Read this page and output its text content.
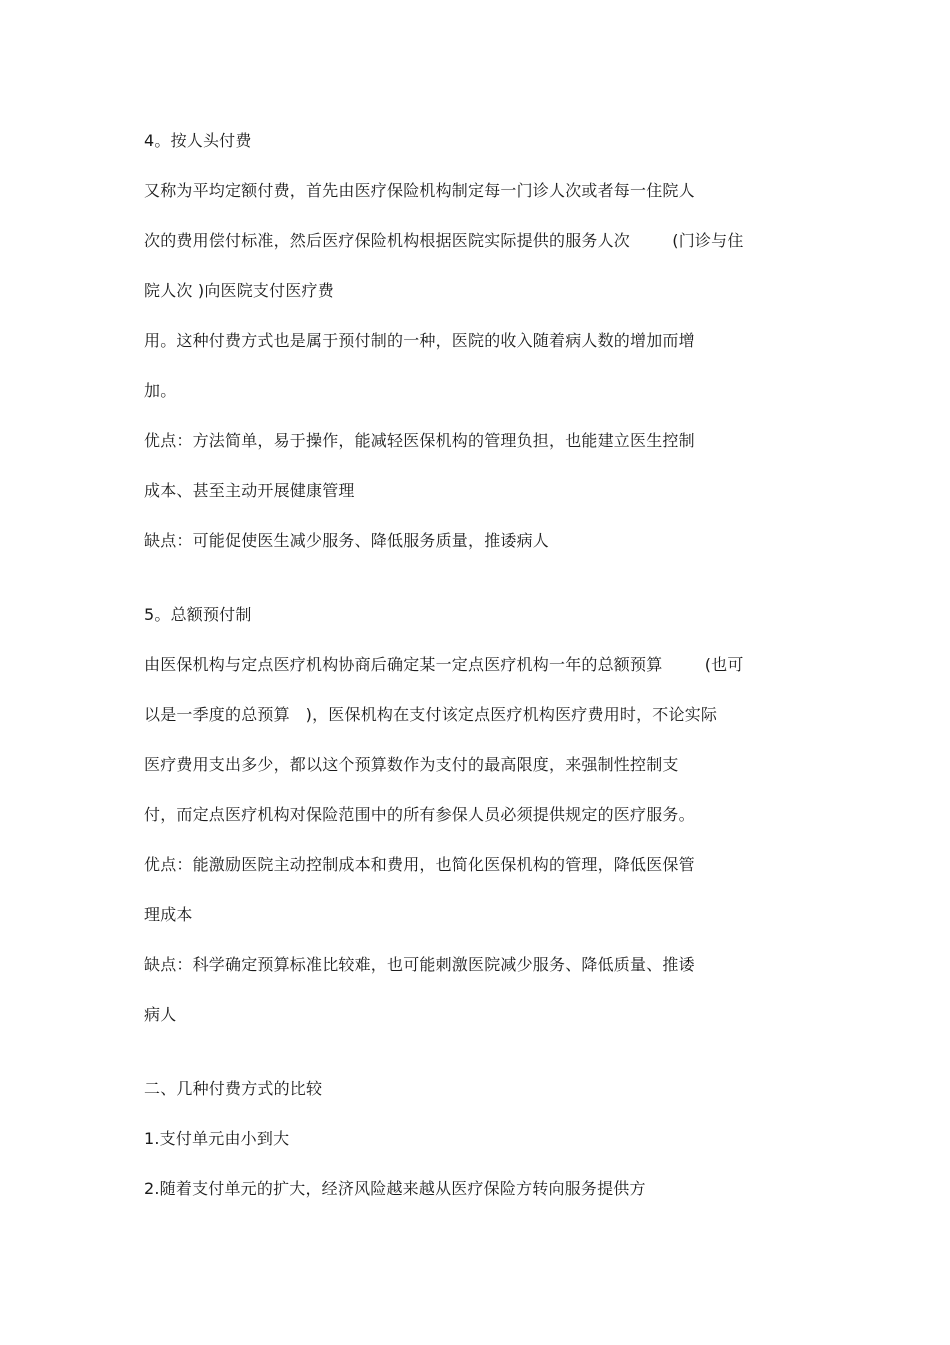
4。按人头付费
又称为平均定额付费，首先由医疗保险机构制定每一门诊人次或者每一住院人
次的费用偿付标准，然后医疗保险机构根据医院实际提供的服务人次        (门诊与住
院人次 )向医院支付医疗费
用。这种付费方式也是属于预付制的一种，医院的收入随着病人数的增加而增
加。
优点：方法简单，易于操作，能减轻医保机构的管理负担，也能建立医生控制
成本、甚至主动开展健康管理
缺点：可能促使医生减少服务、降低服务质量，推诿病人
5。总额预付制
由医保机构与定点医疗机构协商后确定某一定点医疗机构一年的总额预算        (也可
以是一季度的总预算   )，医保机构在支付该定点医疗机构医疗费用时，不论实际
医疗费用支出多少，都以这个预算数作为支付的最高限度，来强制性控制支
付，而定点医疗机构对保险范围中的所有参保人员必须提供规定的医疗服务。
优点：能激励医院主动控制成本和费用，也简化医保机构的管理，降低医保管
理成本
缺点：科学确定预算标准比较难，也可能刺激医院减少服务、降低质量、推诿
病人
二、几种付费方式的比较
1.支付单元由小到大
2.随着支付单元的扩大，经济风险越来越从医疗保险方转向服务提供方
